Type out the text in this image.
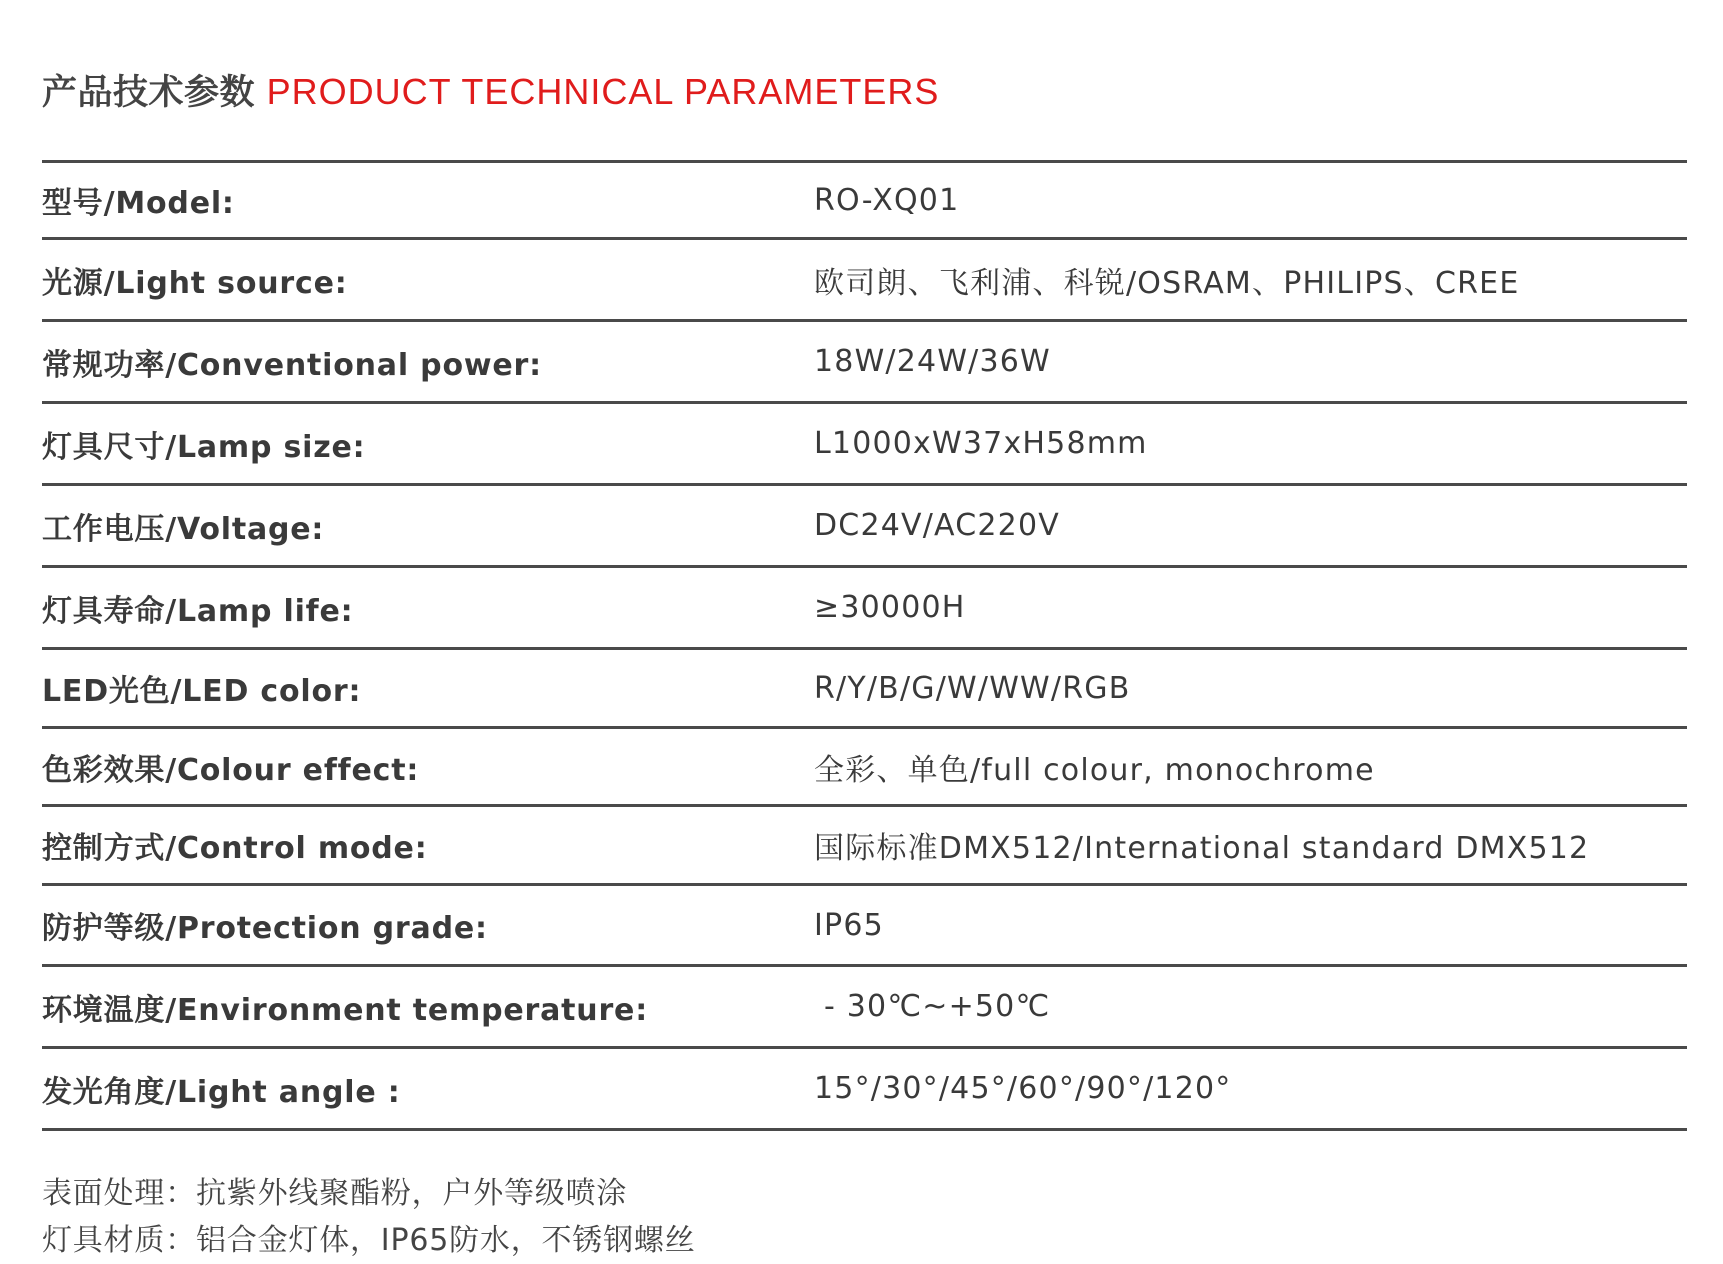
产品技术参数 PRODUCT TECHNICAL PARAMETERS
型号/Model:	RO-XQ01
光源/Light source:	欧司朗、飞利浦、科锐/OSRAM、PHILIPS、CREE
常规功率/Conventional power:	18W/24W/36W
灯具尺寸/Lamp size:	L1000xW37xH58mm
工作电压/Voltage:	DC24V/AC220V
灯具寿命/Lamp life:	≥30000H
LED光色/LED color:	R/Y/B/G/W/WW/RGB
色彩效果/Colour effect:	全彩、单色/full colour, monochrome
控制方式/Control mode:	国际标准DMX512/International standard DMX512
防护等级/Protection grade:	IP65
环境温度/Environment temperature:	- 30℃~+50℃
发光角度/Light angle :	15°/30°/45°/60°/90°/120°
表面处理：抗紫外线聚酯粉，户外等级喷涂
灯具材质：铝合金灯体，IP65防水，不锈钢螺丝
